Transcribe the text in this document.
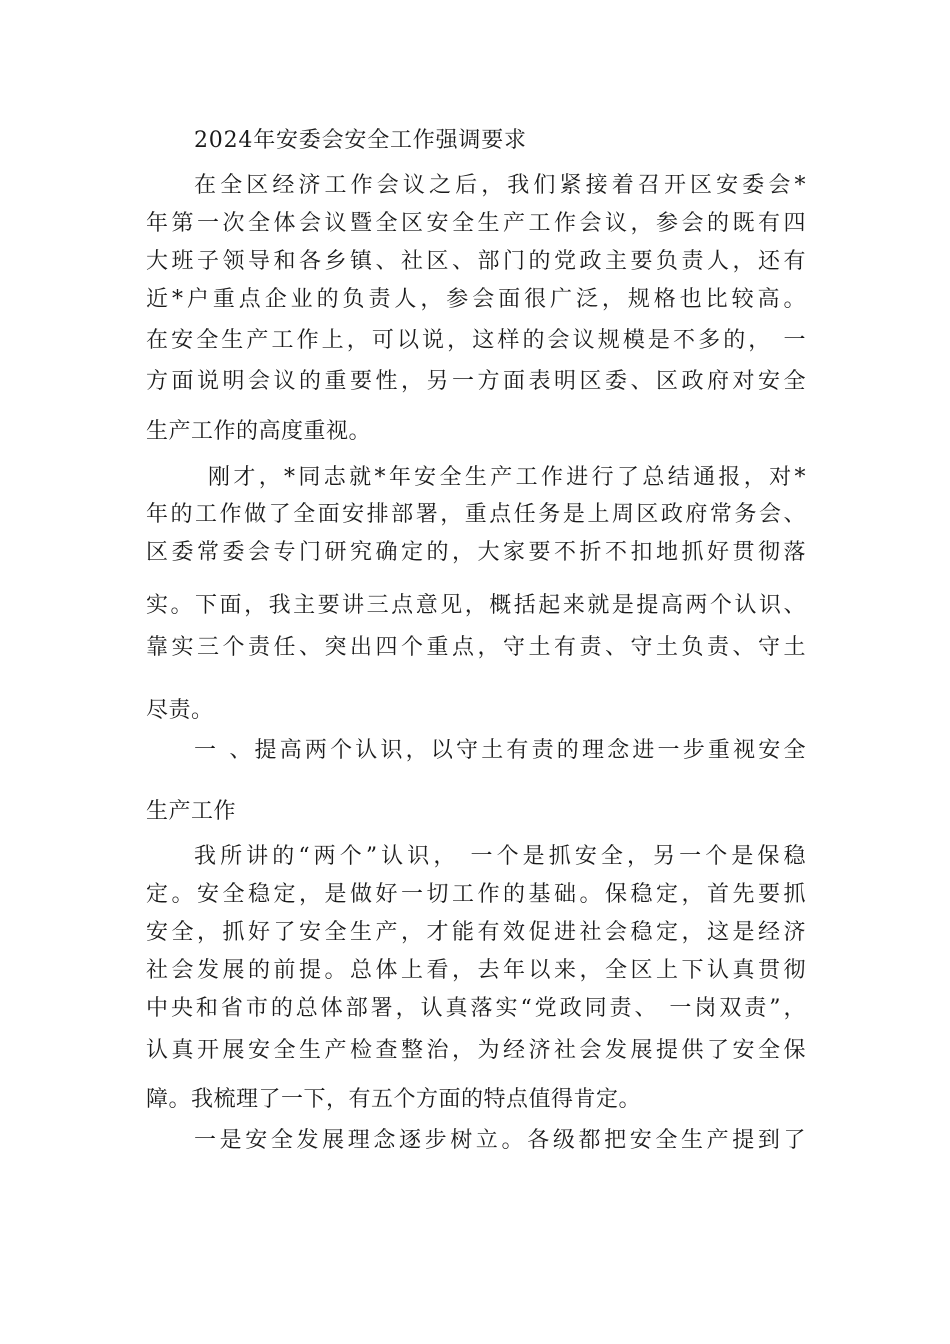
2024年安委会安全工作强调要求
在全区经济工作会议之后，我们紧接着召开区安委会*
年第一次全体会议暨全区安全生产工作会议，参会的既有四
大班子领导和各乡镇、社区、部门的党政主要负责人，还有
近*户重点企业的负责人，参会面很广泛，规格也比较高。
在安全生产工作上，可以说，这样的会议规模是不多的， 一
方面说明会议的重要性，另一方面表明区委、区政府对安全
生产工作的高度重视。
刚才，*同志就*年安全生产工作进行了总结通报，对*
年的工作做了全面安排部署，重点任务是上周区政府常务会、
区委常委会专门研究确定的，大家要不折不扣地抓好贯彻落
实。下面，我主要讲三点意见，概括起来就是提高两个认识、
靠实三个责任、突出四个重点，守土有责、守土负责、守土
尽责。
一 、提高两个认识，以守土有责的理念进一步重视安全
生产工作
我所讲的“两个”认识， 一个是抓安全，另一个是保稳
定。安全稳定，是做好一切工作的基础。保稳定，首先要抓
安全，抓好了安全生产，才能有效促进社会稳定，这是经济
社会发展的前提。总体上看，去年以来，全区上下认真贯彻
中央和省市的总体部署，认真落实“党政同责、 一岗双责”，
认真开展安全生产检查整治，为经济社会发展提供了安全保
障。我梳理了一下，有五个方面的特点值得肯定。
一是安全发展理念逐步树立。各级都把安全生产提到了
